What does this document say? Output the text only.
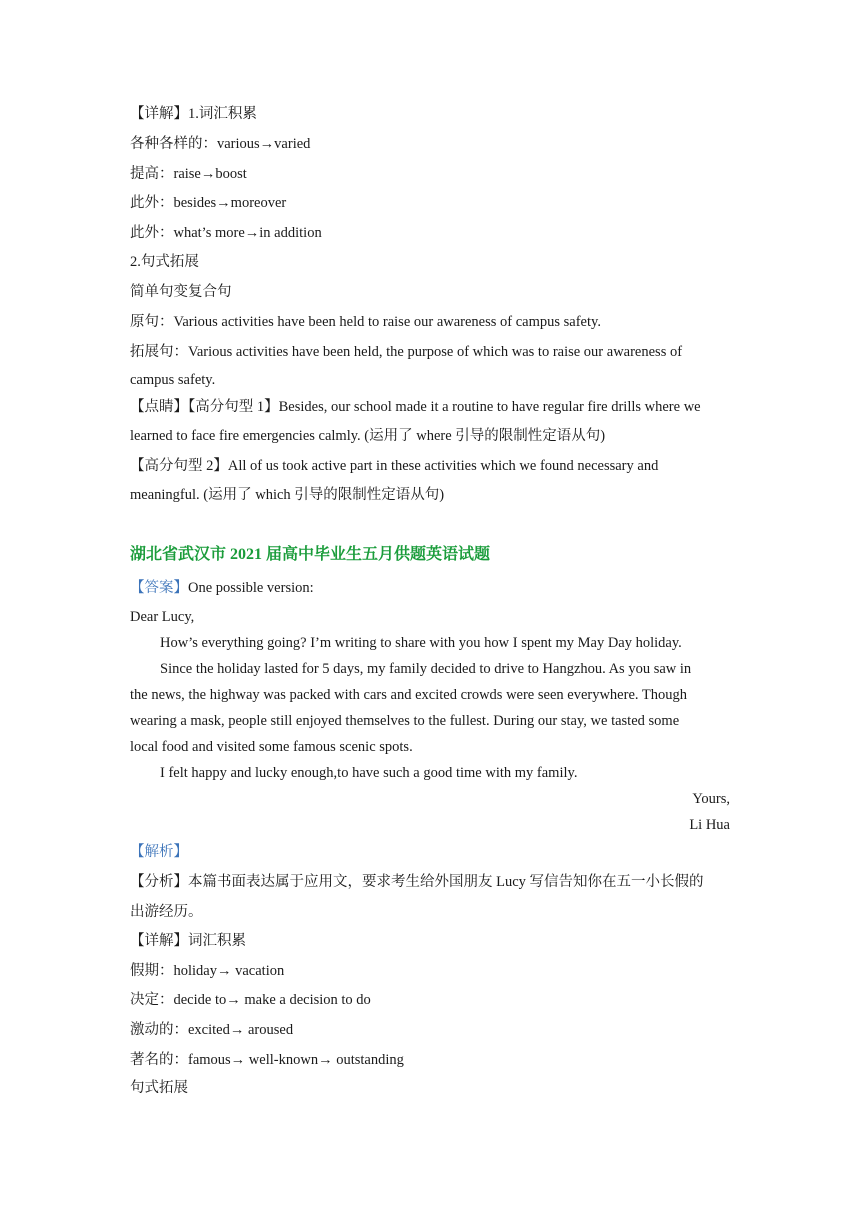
【详解】1.词汇积累
各种各样的：various→varied
提高：raise→boost
此外：besides→moreover
此外：what’s more→in addition
2.句式拓展
简单句变复合句
原句：Various activities have been held to raise our awareness of campus safety.
拓展句：Various activities have been held, the purpose of which was to raise our awareness of
campus safety.
【点睛】【高分句型 1】Besides, our school made it a routine to have regular fire drills where we
learned to face fire emergencies calmly. (运用了 where 引导的限制性定语从句)
【高分句型 2】All of us took active part in these activities which we found necessary and
meaningful. (运用了 which 引导的限制性定语从句)
湖北省武汉市 2021 届高中毕业生五月供题英语试题
【答案】One possible version:
Dear Lucy,
How’s everything going? I’m writing to share with you how I spent my May Day holiday.
Since the holiday lasted for 5 days, my family decided to drive to Hangzhou. As you saw in
the news, the highway was packed with cars and excited crowds were seen everywhere. Though
wearing a mask, people still enjoyed themselves to the fullest. During our stay, we tasted some
local food and visited some famous scenic spots.
I felt happy and lucky enough,to have such a good time with my family.
Yours,
Li Hua
【解析】
【分析】本篇书面表达属于应用文，要求考生给外国朋友 Lucy 写信告知你在五一小长假的
出游经历。
【详解】词汇积累
假期：holiday→ vacation
决定：decide to→ make a decision to do
激动的：excited→ aroused
著名的：famous→ well-known→ outstanding
句式拓展
